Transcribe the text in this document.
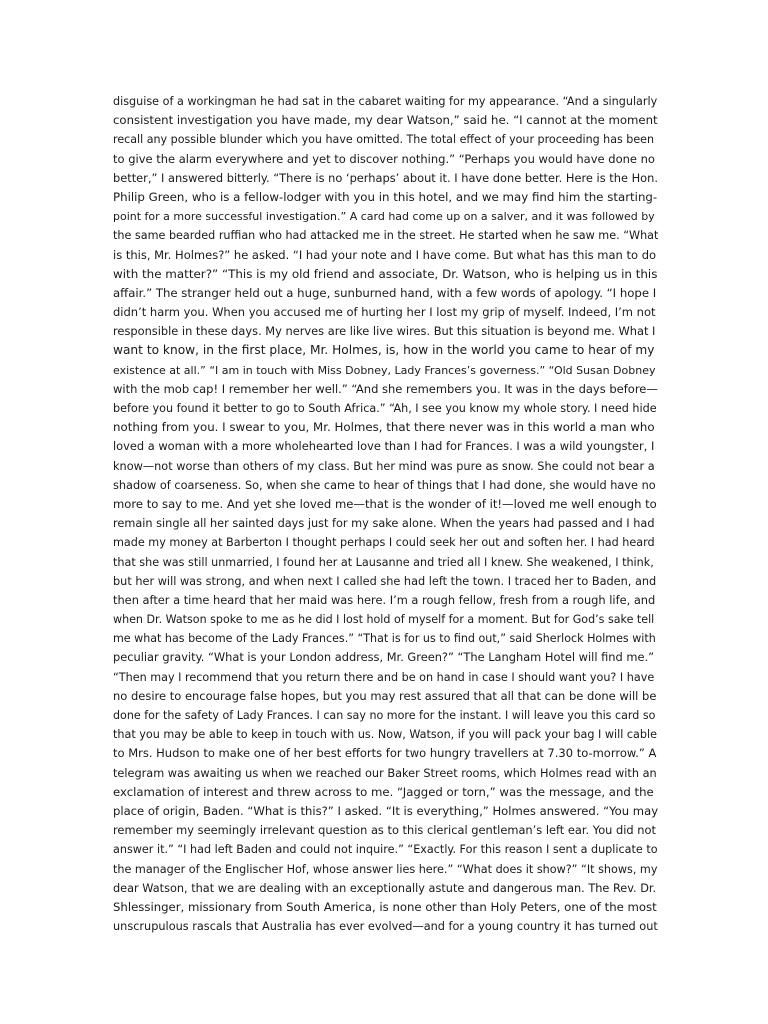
disguise of a workingman he had sat in the cabaret waiting for my appearance. “And a singularly
consistent investigation you have made, my dear Watson,” said he. “I cannot at the moment
recall any possible blunder which you have omitted. The total effect of your proceeding has been
to give the alarm everywhere and yet to discover nothing.” “Perhaps you would have done no
better,” I answered bitterly. “There is no ‘perhaps’ about it. I have done better. Here is the Hon.
Philip Green, who is a fellow-lodger with you in this hotel, and we may find him the starting-
point for a more successful investigation.” A card had come up on a salver, and it was followed by
the same bearded ruffian who had attacked me in the street. He started when he saw me. “What
is this, Mr. Holmes?” he asked. “I had your note and I have come. But what has this man to do
with the matter?” “This is my old friend and associate, Dr. Watson, who is helping us in this
affair.” The stranger held out a huge, sunburned hand, with a few words of apology. “I hope I
didn’t harm you. When you accused me of hurting her I lost my grip of myself. Indeed, I’m not
responsible in these days. My nerves are like live wires. But this situation is beyond me. What I
want to know, in the first place, Mr. Holmes, is, how in the world you came to hear of my
existence at all.” “I am in touch with Miss Dobney, Lady Frances’s governess.” “Old Susan Dobney
with the mob cap! I remember her well.” “And she remembers you. It was in the days before—
before you found it better to go to South Africa.” “Ah, I see you know my whole story. I need hide
nothing from you. I swear to you, Mr. Holmes, that there never was in this world a man who
loved a woman with a more wholehearted love than I had for Frances. I was a wild youngster, I
know—not worse than others of my class. But her mind was pure as snow. She could not bear a
shadow of coarseness. So, when she came to hear of things that I had done, she would have no
more to say to me. And yet she loved me—that is the wonder of it!—loved me well enough to
remain single all her sainted days just for my sake alone. When the years had passed and I had
made my money at Barberton I thought perhaps I could seek her out and soften her. I had heard
that she was still unmarried, I found her at Lausanne and tried all I knew. She weakened, I think,
but her will was strong, and when next I called she had left the town. I traced her to Baden, and
then after a time heard that her maid was here. I’m a rough fellow, fresh from a rough life, and
when Dr. Watson spoke to me as he did I lost hold of myself for a moment. But for God’s sake tell
me what has become of the Lady Frances.” “That is for us to find out,” said Sherlock Holmes with
peculiar gravity. “What is your London address, Mr. Green?” “The Langham Hotel will find me.”
“Then may I recommend that you return there and be on hand in case I should want you? I have
no desire to encourage false hopes, but you may rest assured that all that can be done will be
done for the safety of Lady Frances. I can say no more for the instant. I will leave you this card so
that you may be able to keep in touch with us. Now, Watson, if you will pack your bag I will cable
to Mrs. Hudson to make one of her best efforts for two hungry travellers at 7.30 to-morrow.” A
telegram was awaiting us when we reached our Baker Street rooms, which Holmes read with an
exclamation of interest and threw across to me. “Jagged or torn,” was the message, and the
place of origin, Baden. “What is this?” I asked. “It is everything,” Holmes answered. “You may
remember my seemingly irrelevant question as to this clerical gentleman’s left ear. You did not
answer it.” “I had left Baden and could not inquire.” “Exactly. For this reason I sent a duplicate to
the manager of the Englischer Hof, whose answer lies here.” “What does it show?” “It shows, my
dear Watson, that we are dealing with an exceptionally astute and dangerous man. The Rev. Dr.
Shlessinger, missionary from South America, is none other than Holy Peters, one of the most
unscrupulous rascals that Australia has ever evolved—and for a young country it has turned out
